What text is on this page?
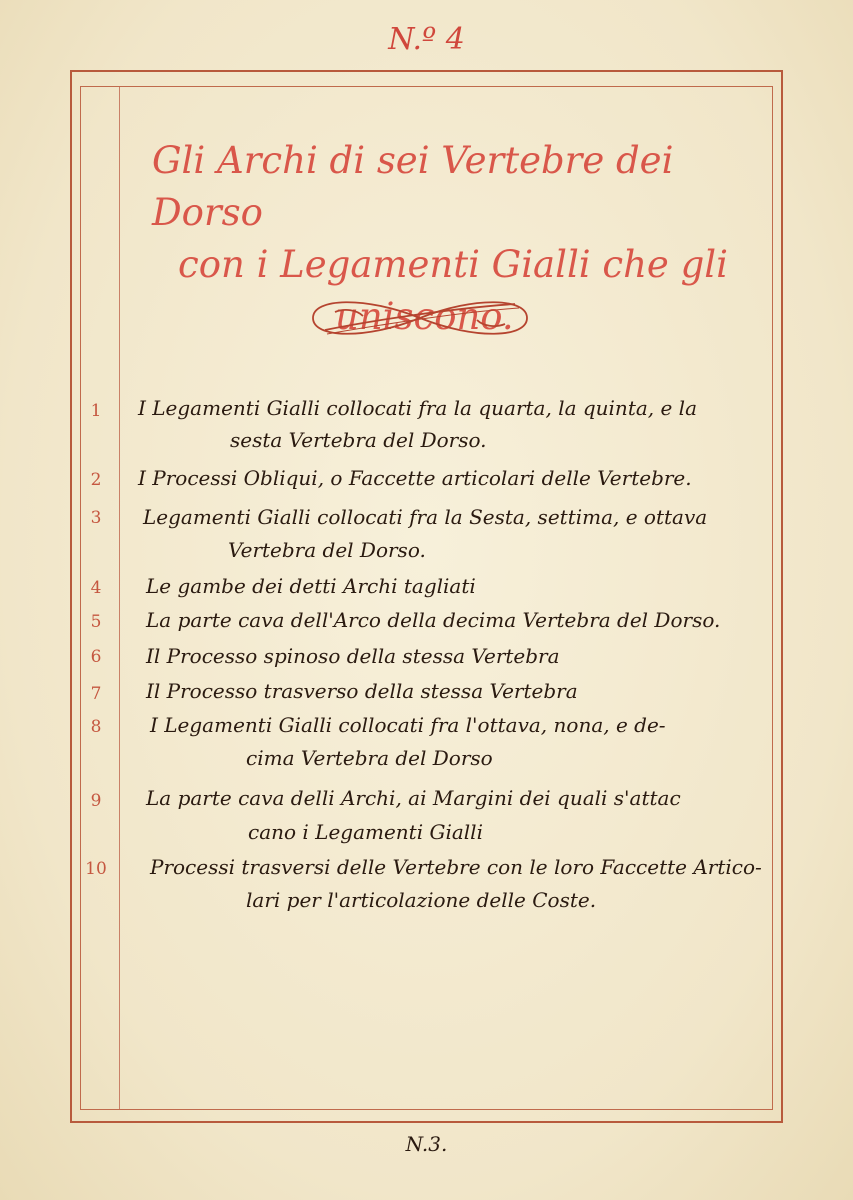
N.º 4
Gli Archi di sei Vertebre dei Dorso
con i Legamenti Gialli che gli
uniscono.
1	I Legamenti Gialli collocati fra la quarta, la quinta, e la
sesta Vertebra del Dorso.
2	I Processi Obliqui, o Faccette articolari delle Vertebre.
3	Legamenti Gialli collocati fra la Sesta, settima, e ottava
Vertebra del Dorso.
4	Le gambe dei detti Archi tagliati
5	La parte cava dell'Arco della decima Vertebra del Dorso.
6	Il Processo spinoso della stessa Vertebra
7	Il Processo trasverso della stessa Vertebra
8	I Legamenti Gialli collocati fra l'ottava, nona, e de-
cima Vertebra del Dorso
9	La parte cava delli Archi, ai Margini dei quali s'attac
cano i Legamenti Gialli
10	Processi trasversi delle Vertebre con le loro Faccette Artico-
lari per l'articolazione delle Coste.
N.3.
